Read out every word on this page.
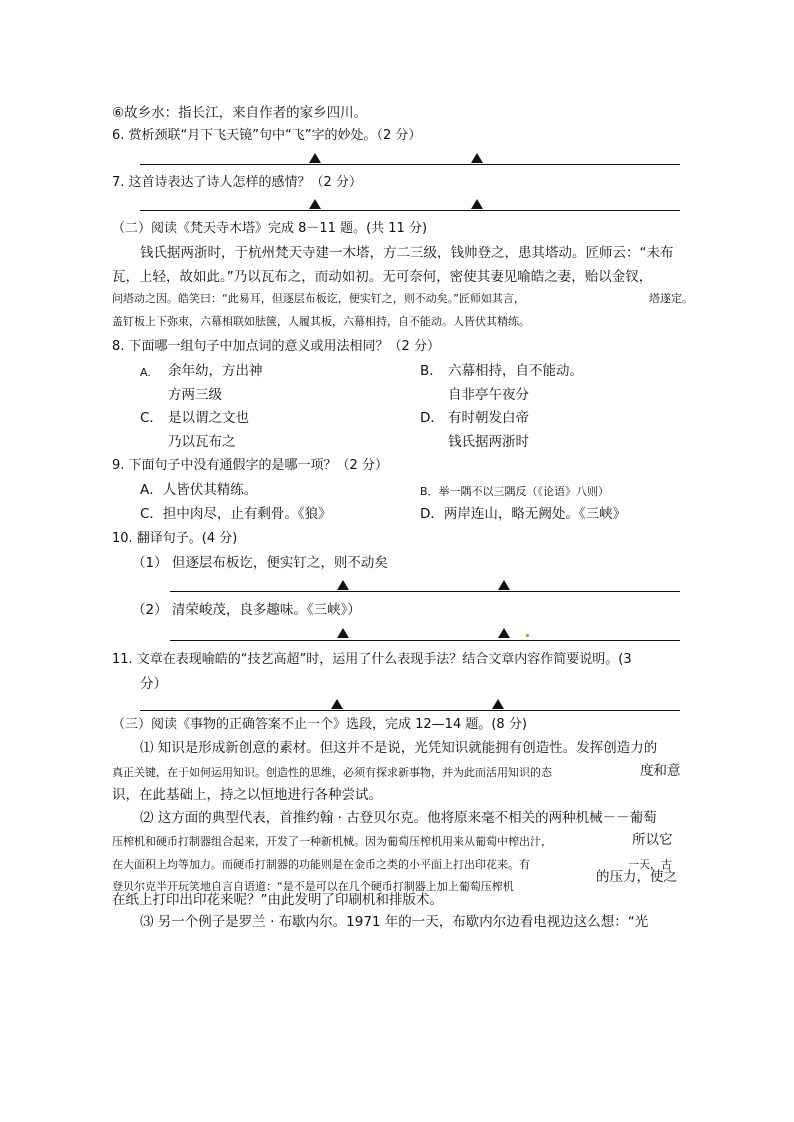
⑥故乡水：指长江，来自作者的家乡四川。
6. 赏析颈联“月下飞天镜”句中“飞”字的妙处。（2 分）
7. 这首诗表达了诗人怎样的感情？（2 分）
（二）阅读《梵天寺木塔》完成 8－11 题。(共 11 分)
钱氏据两浙时，于杭州梵天寺建一木塔，方二三级，钱帅登之，患其塔动。匠师云：“未布
瓦，上轻，故如此。”乃以瓦布之，而动如初。无可奈何，密使其妻见喻皓之妻，贻以金钗，
问塔动之因。皓笑曰：“此易耳，但逐层布板讫，便实钉之，则不动矣。”匠师如其言，	塔遂定。
盖钉板上下弥束，六幕相联如胠箧，人履其板，六幕相持，自不能动。人皆伏其精练。
8. 下面哪一组句子中加点词的意义或用法相同？（2 分）
A. 余年幼，方出神
方两三级
B． 六幕相持，自不能动。
自非亭午夜分
C． 是以谓之文也
乃以瓦布之
D． 有时朝发白帝
钱氏据两浙时
9. 下面句子中没有通假字的是哪一项？（2 分）
A．人皆伏其精练。	B．举一隅不以三隅反（《论语》八则）
C．担中肉尽，止有剩骨。《狼》	D．两岸连山，略无阙处。《三峡》
10. 翻译句子。(4 分)
（1） 但逐层布板讫，便实钉之，则不动矣
（2） 清荣峻茂，良多趣味。《三峡》）
11. 文章在表现喻皓的“技艺高超”时，运用了什么表现手法？结合文章内容作简要说明。(3
分）
（三）阅读《事物的正确答案不止一个》选段，完成 12—14 题。(8 分)
⑴ 知识是形成新创意的素材。但这并不是说，光凭知识就能拥有创造性。发挥创造力的
真正关键，在于如何运用知识。创造性的思维，必须有探求新事物，并为此而活用知识的态	度和意
识，在此基础上，持之以恒地进行各种尝试。
⑵ 这方面的典型代表，首推约翰 · 古登贝尔克。他将原来毫不相关的两种机械－－葡萄
压榨机和硬币打制器组合起来，开发了一种新机械。因为葡萄压榨机用来从葡萄中榨出汁，	所以它
在大面积上均等加力。而硬币打制器的功能则是在金币之类的小平面上打出印花来。有	一天，古
登贝尔克半开玩笑地自言自语道：“是不是可以在几个硬币打制器上加上葡萄压榨机
的压力，使之
在纸上打印出印花来呢？”由此发明了印刷机和排版术。
⑶ 另一个例子是罗兰 · 布歇内尔。1971 年的一天，布歇内尔边看电视边这么想：“光
